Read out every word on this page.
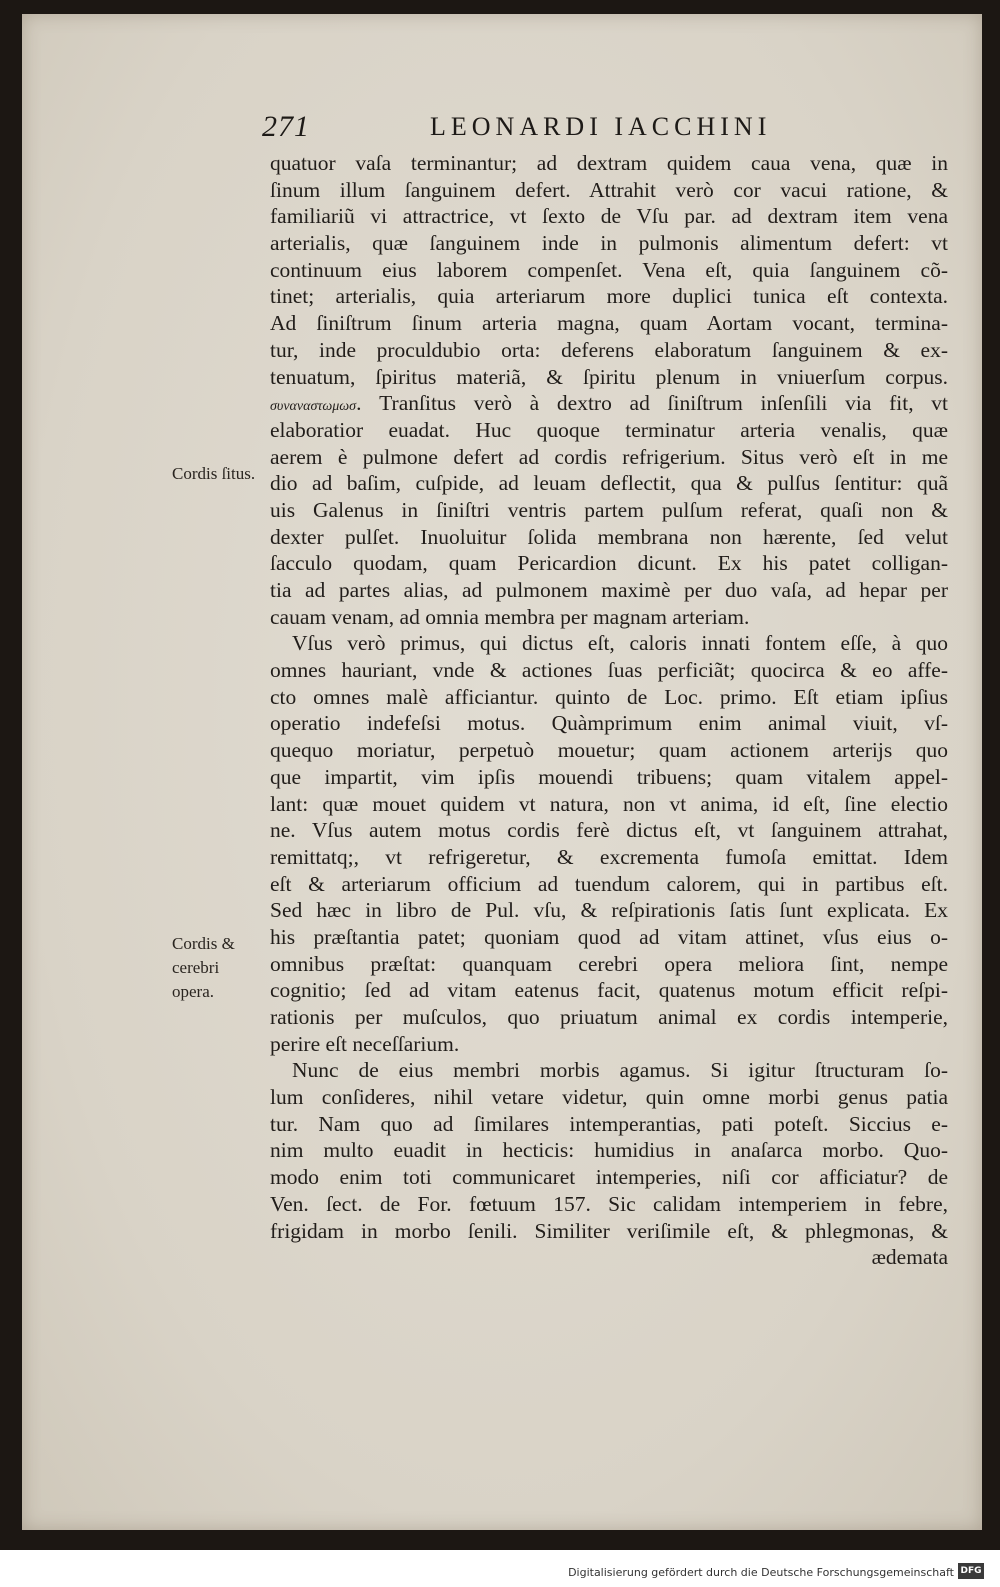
271	LEONARDI IACCHINI
quatuor vaſa terminantur; ad dextram quidem caua vena, quæ in
ſinum illum ſanguinem defert. Attrahit verò cor vacui ratione, &
familiariũ vi attractrice, vt ſexto de Vſu par. ad dextram item vena
arterialis, quæ ſanguinem inde in pulmonis alimentum defert: vt
continuum eius laborem compenſet. Vena eſt, quia ſanguinem cõ-
tinet; arterialis, quia arteriarum more duplici tunica eſt contexta.
Ad ſiniſtrum ſinum arteria magna, quam Aortam vocant, termina-
tur, inde proculdubio orta: deferens elaboratum ſanguinem & ex-
tenuatum, ſpiritus materiã, & ſpiritu plenum in vniuerſum corpus.
συναναστωμωσ. Tranſitus verò à dextro ad ſiniſtrum inſenſili via fit, vt
elaboratior euadat. Huc quoque terminatur arteria venalis, quæ
aerem è pulmone defert ad cordis refrigerium. Situs verò eſt in me
dio ad baſim, cuſpide, ad leuam deflectit, qua & pulſus ſentitur: quã
uis Galenus in ſiniſtri ventris partem pulſum referat, quaſi non &
dexter pulſet. Inuoluitur ſolida membrana non hærente, ſed velut
ſacculo quodam, quam Pericardion dicunt. Ex his patet colligan-
tia ad partes alias, ad pulmonem maximè per duo vaſa, ad hepar per
cauam venam, ad omnia membra per magnam arteriam.
Vſus verò primus, qui dictus eſt, caloris innati fontem eſſe, à quo
omnes hauriant, vnde & actiones ſuas perficiãt; quocirca & eo affe-
cto omnes malè afficiantur. quinto de Loc. primo. Eſt etiam ipſius
operatio indefeſsi motus. Quàmprimum enim animal viuit, vſ-
quequo moriatur, perpetuò mouetur; quam actionem arterijs quo
que impartit, vim ipſis mouendi tribuens; quam vitalem appel-
lant: quæ mouet quidem vt natura, non vt anima, id eſt, ſine electio
ne. Vſus autem motus cordis ferè dictus eſt, vt ſanguinem attrahat,
remittatq;, vt refrigeretur, & excrementa fumoſa emittat. Idem
eſt & arteriarum officium ad tuendum calorem, qui in partibus eſt.
Sed hæc in libro de Pul. vſu, & reſpirationis ſatis ſunt explicata. Ex
his præſtantia patet; quoniam quod ad vitam attinet, vſus eius o-
omnibus præſtat: quanquam cerebri opera meliora ſint, nempe
cognitio; ſed ad vitam eatenus facit, quatenus motum efficit reſpi-
rationis per muſculos, quo priuatum animal ex cordis intemperie,
perire eſt neceſſarium.
Nunc de eius membri morbis agamus. Si igitur ſtructuram ſo-
lum conſideres, nihil vetare videtur, quin omne morbi genus patia
tur. Nam quo ad ſimilares intemperantias, pati poteſt. Siccius e-
nim multo euadit in hecticis: humidius in anaſarca morbo. Quo-
modo enim toti communicaret intemperies, niſi cor afficiatur? de
Ven. ſect. de For. fœtuum 157. Sic calidam intemperiem in febre,
frigidam in morbo ſenili. Similiter veriſimile eſt, & phlegmonas, &
ædemata
Cordis ſitus.
Cordis & cerebri opera.
Digitalisierung gefördert durch die Deutsche Forschungsgemeinschaft DFG
